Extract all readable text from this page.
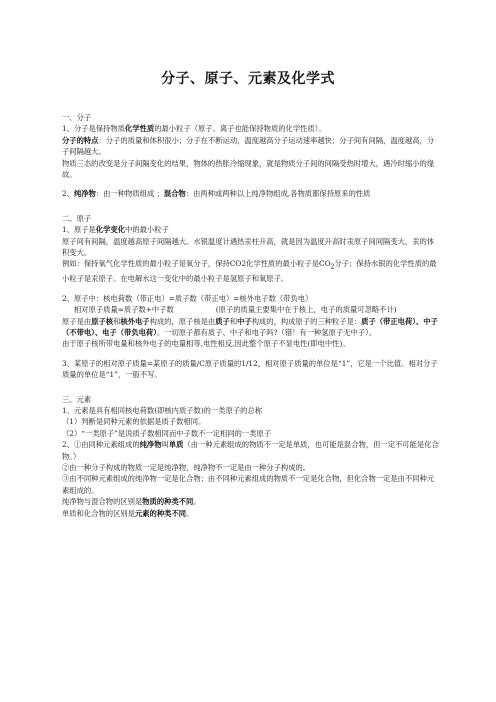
分子、原子、元素及化学式

一、分子

1、分子是保持物质化学性质的最小粒子（原子、离子也能保持物质的化学性质）。

分子的特点：分子的质量和体积很小；分子在不断运动，温度越高分子运动速率越快；分子间有间隔，温度越高，分子间隔越大。

物质三态的改变是分子间隔变化的结果，物体的热胀冷缩现象，就是物质分子间的间隔受热时增大，遇冷时缩小的缘故。

2、纯净物：由一种物质组成 ；混合物：由两种或两种以上纯净物组成,各物质都保持原来的性质

二、原子

1、原子是化学变化中的最小粒子

原子间有间隔，温度越高原子间隔越大。水银温度计遇热汞柱升高，就是因为温度升高时汞原子间间隔变大，汞的体积变大。

例如：保持氧气化学性质的最小粒子是氧分子，保持CO2化学性质的最小粒子是$CO_2$分子；保持水银的化学性质的最小粒子是汞原子。在电解水这一变化中的最小粒子是氢原子和氧原子。

2、原子中：核电荷数（带正电）=质子数（带正电）=核外电子数（带负电）

相对原子质量≈质子数+中子数	(原子的质量主要集中在于核上，电子的质量可忽略不计)

原子是由原子核和核外电子构成的，原子核是由质子和中子构成的，构成原子的三种粒子是：质子（带正电荷）、中子（不带电）、电子（带负电荷）。一切原子都有质子、中子和电子吗?（错！有一种氢原子无中子）。

由于原子核所带电量和核外电子的电量相等,电性相反,因此整个原子不显电性(即电中性)。

3、某原子的相对原子质量=某原子的质量/C原子质量的1/12，相对原子质量的单位是“1”，它是一个比值。相对分子质量的单位是“1”，一般不写。

三、元素

1、元素是具有相同核电荷数(即核内质子数)的一类原子的总称

（1）判断是同种元素的依据是质子数相同。

（2）“一类原子”是说质子数相同而中子数不一定相同的一类原子

2、①由同种元素组成的纯净物叫单质（由一种元素组成的物质不一定是单质，也可能是混合物，但一定不可能是化合物。）

②由一种分子构成的物质一定是纯净物，纯净物不一定是由一种分子构成的。

③由不同种元素组成的纯净物一定是化合物；由不同种元素组成的物质不一定是化合物，但化合物一定是由不同种元素组成的。

纯净物与混合物的区别是物质的种类不同。

单质和化合物的区别是元素的种类不同。
